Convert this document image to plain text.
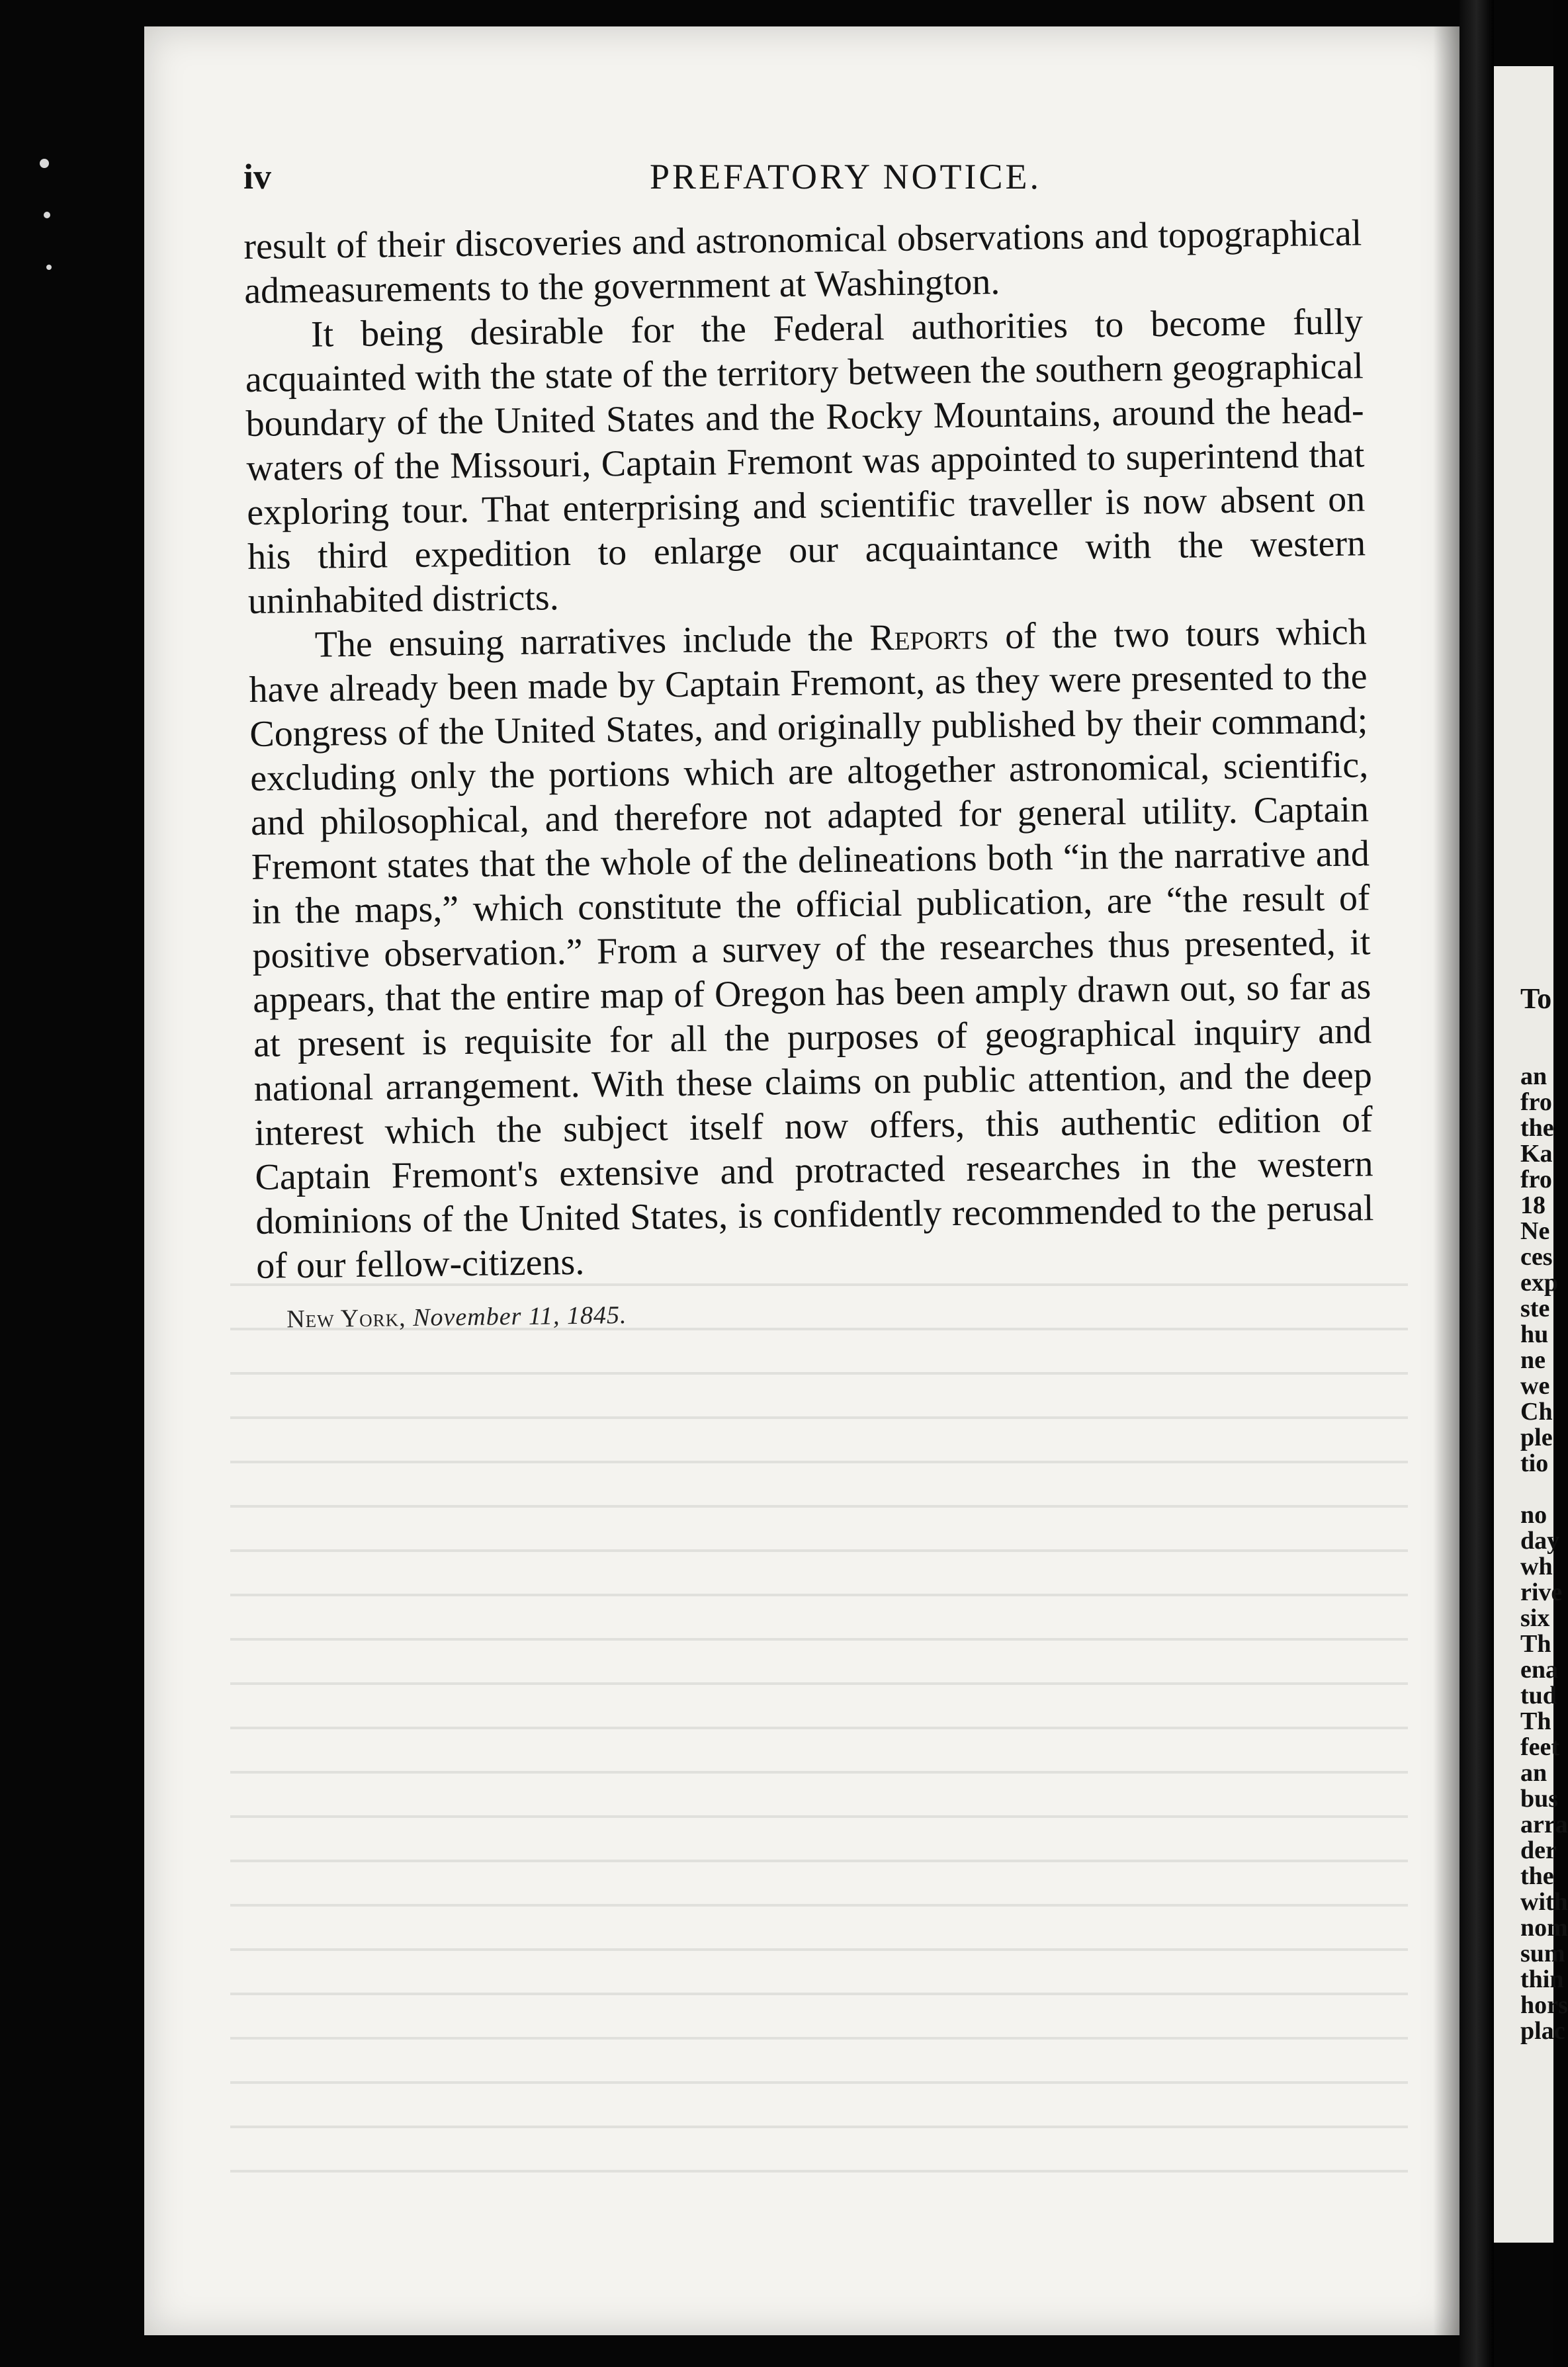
iv	PREFATORY NOTICE.

result of their discoveries and astronomical observations and topographical admeasurements to the government at Washington.

It being desirable for the Federal authorities to become fully acquainted with the state of the territory between the southern geographical boundary of the United States and the Rocky Mountains, around the head-waters of the Missouri, Captain Fremont was appointed to superintend that exploring tour. That enterprising and scientific traveller is now absent on his third expedition to enlarge our acquaintance with the western uninhabited districts.

The ensuing narratives include the Reports of the two tours which have already been made by Captain Fremont, as they were presented to the Congress of the United States, and originally published by their command; excluding only the portions which are altogether astronomical, scientific, and philosophical, and therefore not adapted for general utility. Captain Fremont states that the whole of the delineations both “in the narrative and in the maps,” which constitute the official publication, are “the result of positive observation.” From a survey of the researches thus presented, it appears, that the entire map of Oregon has been amply drawn out, so far as at present is requisite for all the purposes of geographical inquiry and national arrangement. With these claims on public attention, and the deep interest which the subject itself now offers, this authentic edition of Captain Fremont's extensive and protracted researches in the western dominions of the United States, is confidently recommended to the perusal of our fellow-citizens.

New York, November 11, 1845.
To

an
fro
the
Ka
fro
18
Ne
ces
exp
ste
hu
ne
we
Ch
ple
tio

no
day
wh
rive
six
Th
ena
tud
Th
feet
an
bus
arra
der
the
with
nom
sum
thin
hors
plac
